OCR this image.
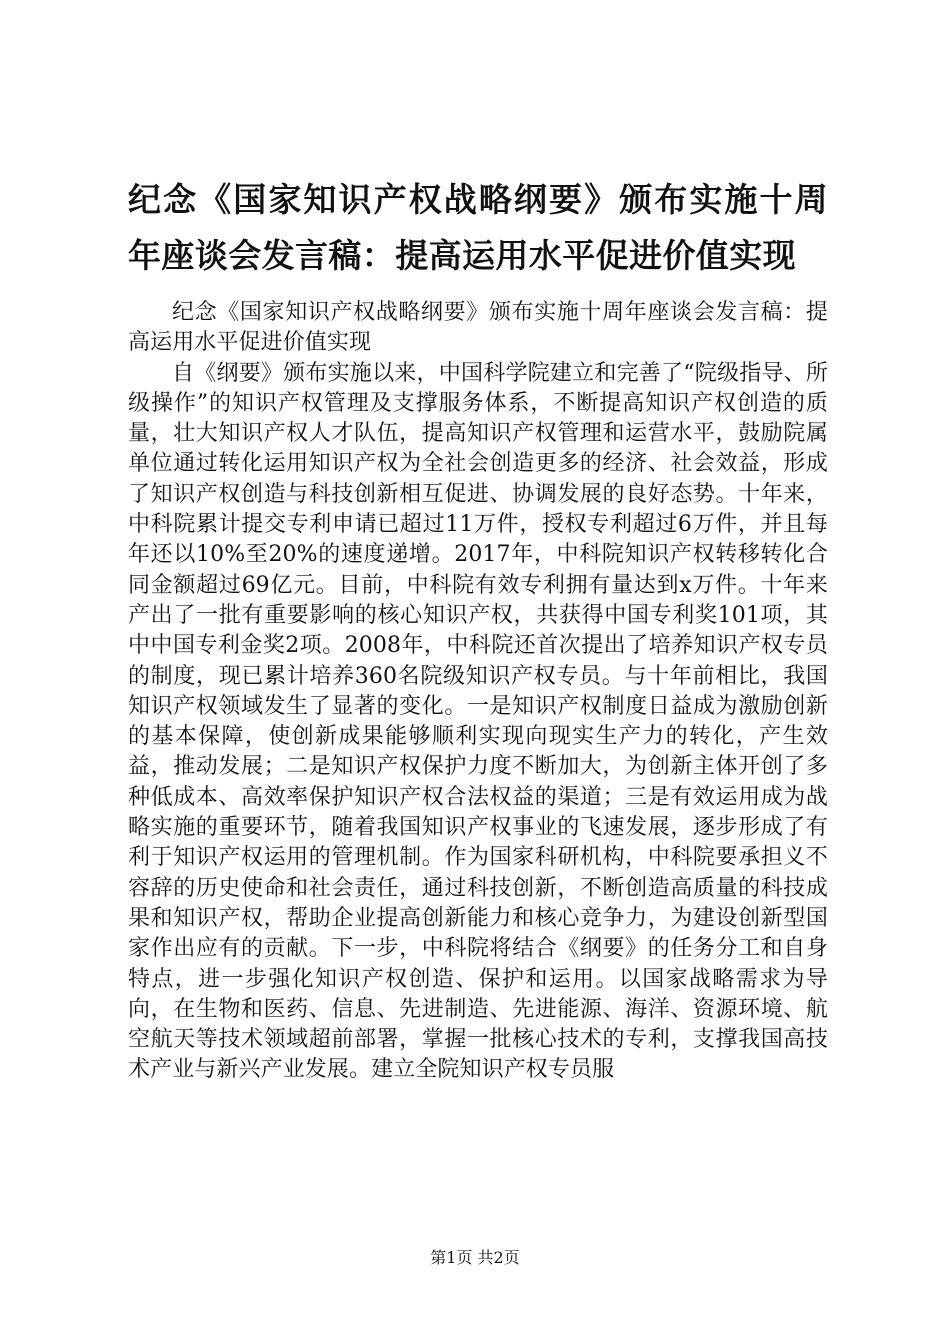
纪念《国家知识产权战略纲要》颁布实施十周年座谈会发言稿：提高运用水平促进价值实现

纪念《国家知识产权战略纲要》颁布实施十周年座谈会发言稿：提高运用水平促进价值实现

自《纲要》颁布实施以来，中国科学院建立和完善了“院级指导、所级操作”的知识产权管理及支撑服务体系，不断提高知识产权创造的质量，壮大知识产权人才队伍，提高知识产权管理和运营水平，鼓励院属单位通过转化运用知识产权为全社会创造更多的经济、社会效益，形成了知识产权创造与科技创新相互促进、协调发展的良好态势。十年来，中科院累计提交专利申请已超过11万件，授权专利超过6万件，并且每年还以10%至20%的速度递增。2017年，中科院知识产权转移转化合同金额超过69亿元。目前，中科院有效专利拥有量达到x万件。十年来产出了一批有重要影响的核心知识产权，共获得中国专利奖101项，其中中国专利金奖2项。2008年，中科院还首次提出了培养知识产权专员的制度，现已累计培养360名院级知识产权专员。与十年前相比，我国知识产权领域发生了显著的变化。一是知识产权制度日益成为激励创新的基本保障，使创新成果能够顺利实现向现实生产力的转化，产生效益，推动发展；二是知识产权保护力度不断加大，为创新主体开创了多种低成本、高效率保护知识产权合法权益的渠道；三是有效运用成为战略实施的重要环节，随着我国知识产权事业的飞速发展，逐步形成了有利于知识产权运用的管理机制。作为国家科研机构，中科院要承担义不容辞的历史使命和社会责任，通过科技创新，不断创造高质量的科技成果和知识产权，帮助企业提高创新能力和核心竞争力，为建设创新型国家作出应有的贡献。下一步，中科院将结合《纲要》的任务分工和自身特点，进一步强化知识产权创造、保护和运用。以国家战略需求为导向，在生物和医药、信息、先进制造、先进能源、海洋、资源环境、航空航天等技术领域超前部署，掌握一批核心技术的专利，支撑我国高技术产业与新兴产业发展。建立全院知识产权专员服

第1页 共2页
